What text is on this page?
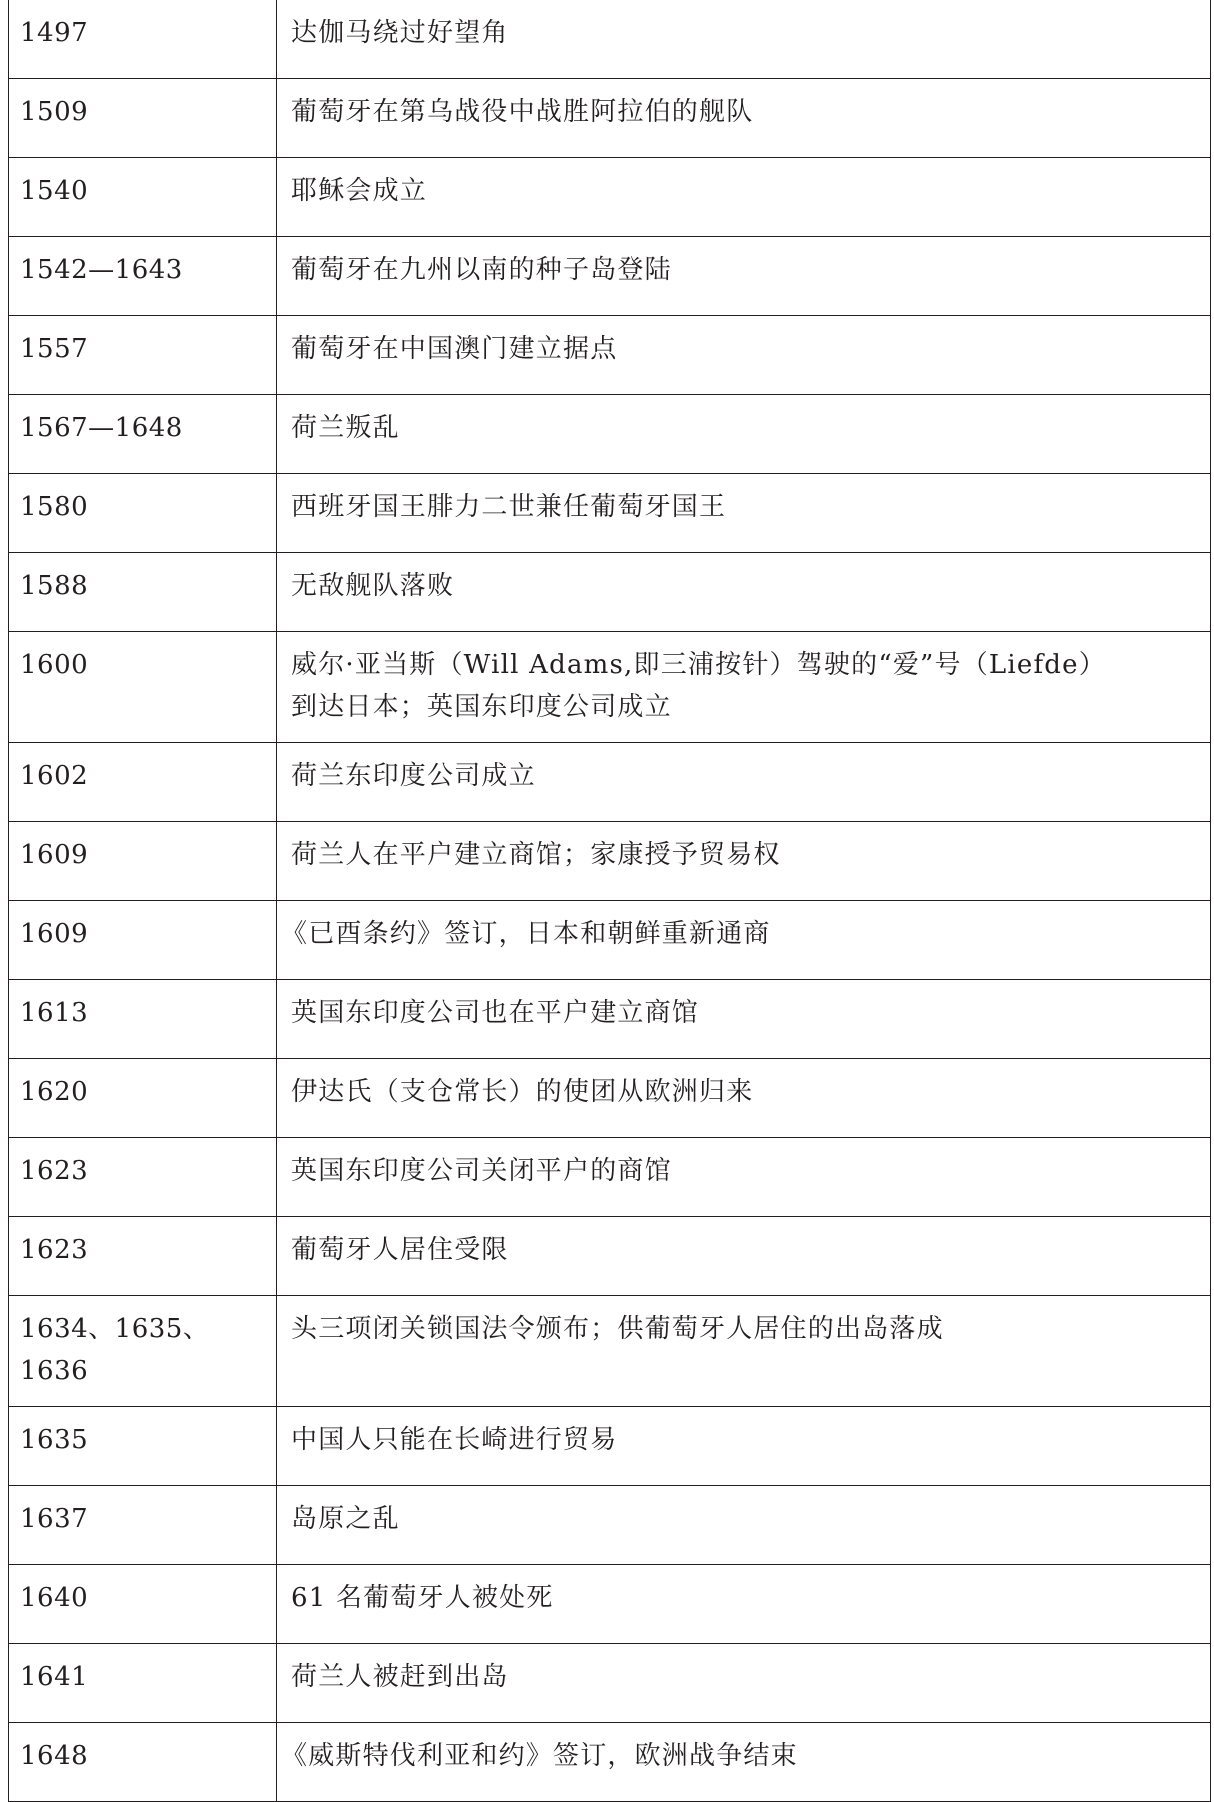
1497	达伽马绕过好望角

1509	葡萄牙在第乌战役中战胜阿拉伯的舰队

1540	耶稣会成立

1542—1643	葡萄牙在九州以南的种子岛登陆

1557	葡萄牙在中国澳门建立据点

1567—1648	荷兰叛乱

1580	西班牙国王腓力二世兼任葡萄牙国王

1588	无敌舰队落败

1600	威尔·亚当斯（Will Adams,即三浦按针）驾驶的“爱”号（Liefde）
到达日本；英国东印度公司成立

1602	荷兰东印度公司成立

1609	荷兰人在平户建立商馆；家康授予贸易权

1609	《已酉条约》签订，日本和朝鲜重新通商

1613	英国东印度公司也在平户建立商馆

1620	伊达氏（支仓常长）的使团从欧洲归来

1623	英国东印度公司关闭平户的商馆

1623	葡萄牙人居住受限

1634、1635、
1636	头三项闭关锁国法令颁布；供葡萄牙人居住的出岛落成

1635	中国人只能在长崎进行贸易

1637	岛原之乱

1640	61 名葡萄牙人被处死

1641	荷兰人被赶到出岛

1648	《威斯特伐利亚和约》签订，欧洲战争结束
